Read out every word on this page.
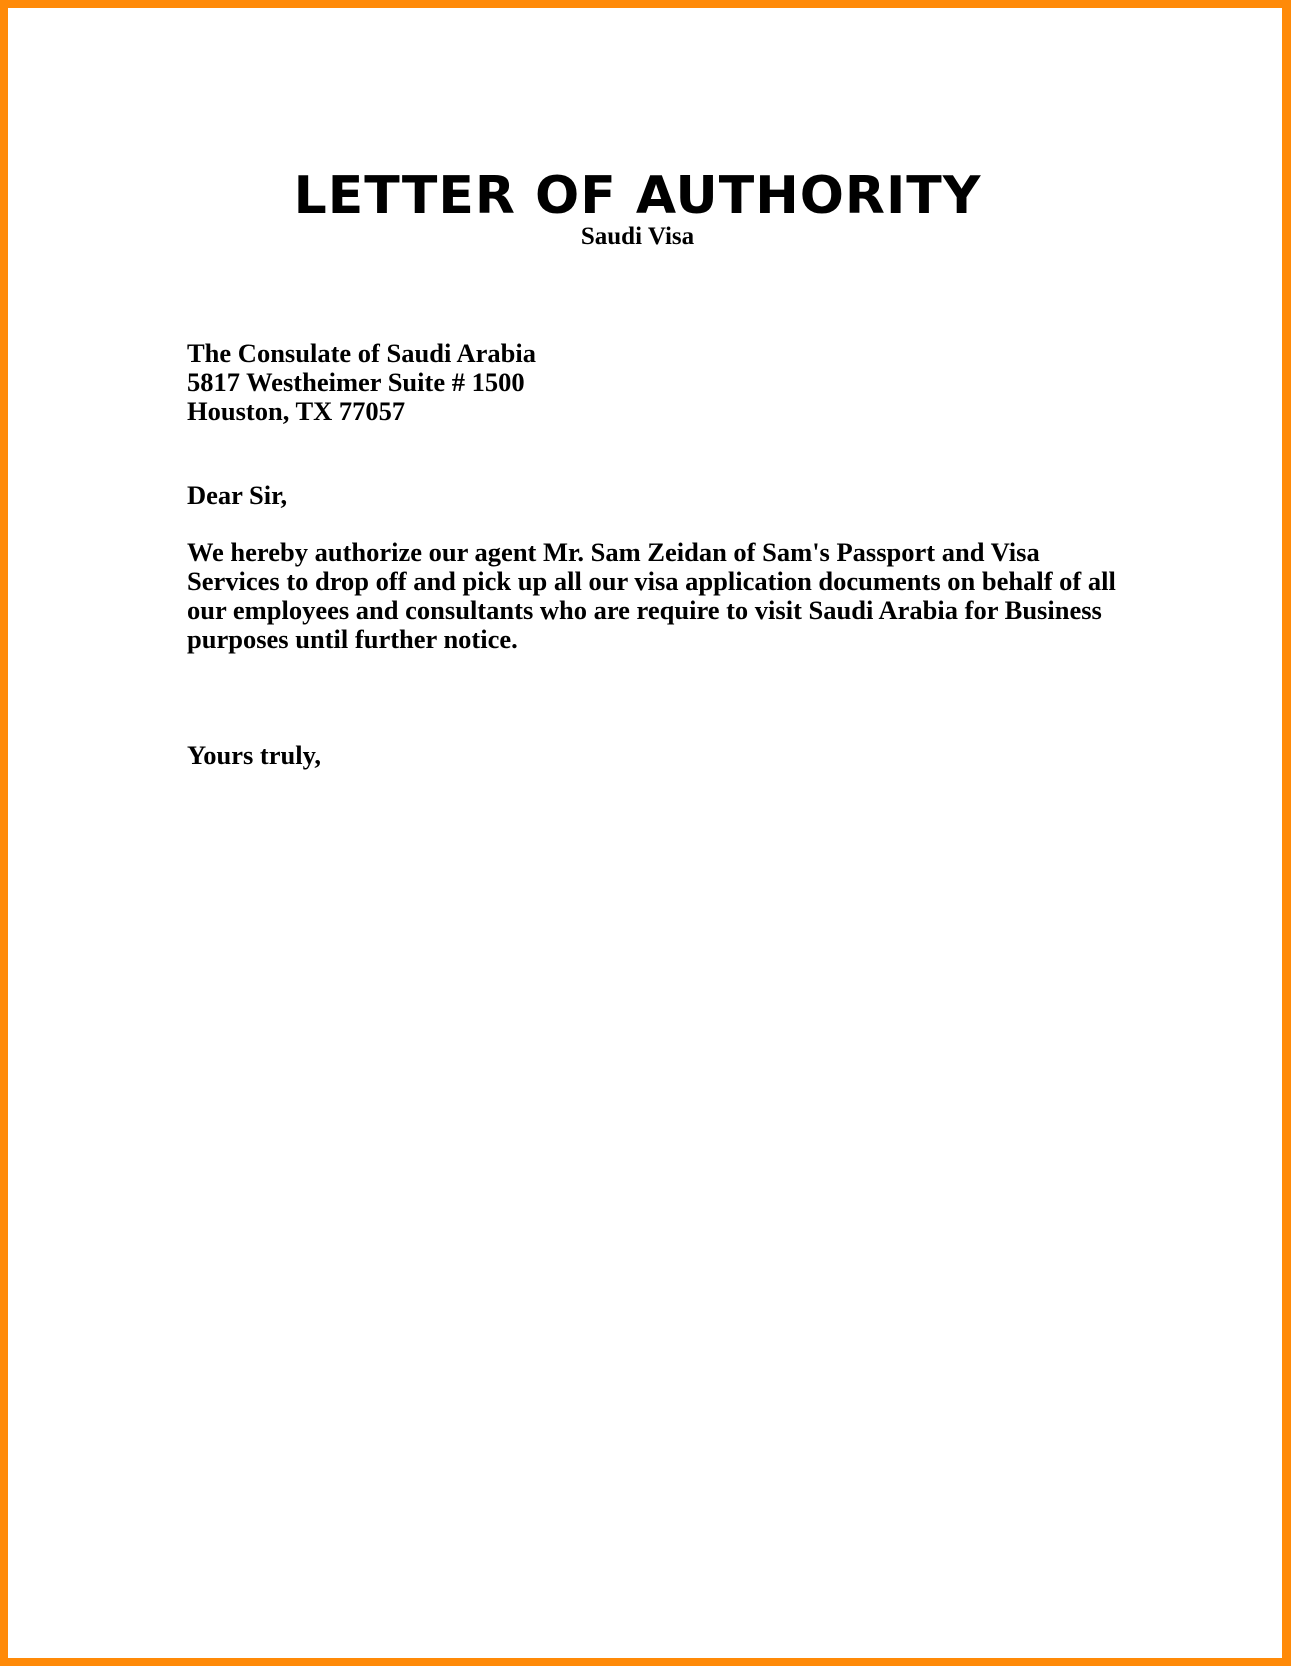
LETTER OF AUTHORITY
Saudi Visa
The Consulate of Saudi Arabia
5817 Westheimer Suite # 1500
Houston, TX 77057
Dear Sir,
We hereby authorize our agent Mr. Sam Zeidan of Sam's Passport and Visa
Services to drop off and pick up all our visa application documents on behalf of all
our employees and consultants who are require to visit Saudi Arabia for Business
purposes until further notice.
Yours truly,
